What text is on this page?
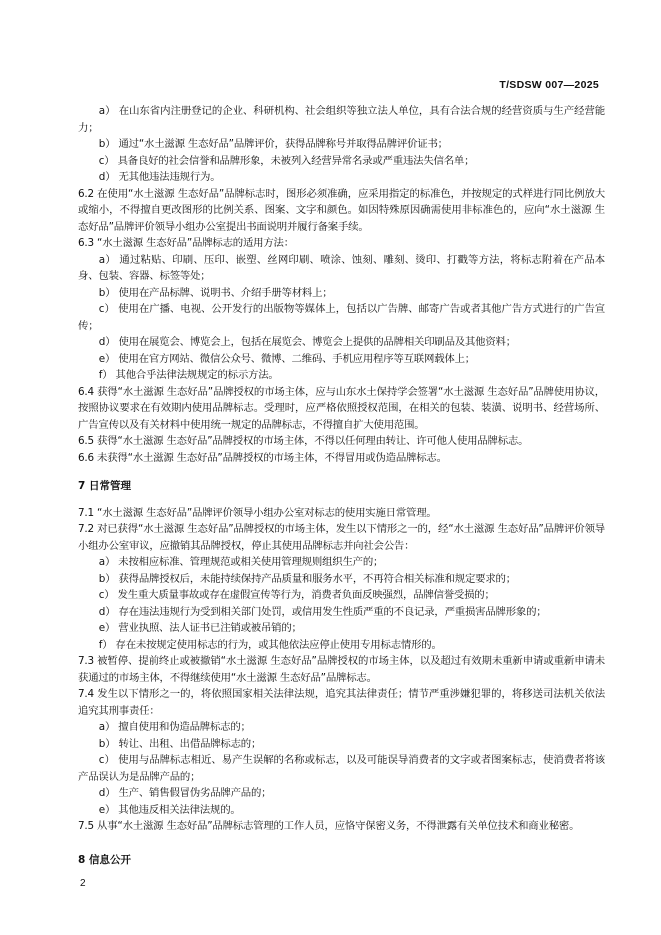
T/SDSW 007—2025

a） 在山东省内注册登记的企业、科研机构、社会组织等独立法人单位，具有合法合规的经营资质与生产经营能力；

b） 通过“水土滋源 生态好品”品牌评价，获得品牌称号并取得品牌评价证书；

c） 具备良好的社会信誉和品牌形象，未被列入经营异常名录或严重违法失信名单；

d） 无其他违法违规行为。

6.2 在使用“水土滋源 生态好品”品牌标志时，图形必须准确，应采用指定的标准色，并按规定的式样进行同比例放大或缩小，不得擅自更改图形的比例关系、图案、文字和颜色。如因特殊原因确需使用非标准色的，应向“水土滋源 生态好品”品牌评价领导小组办公室提出书面说明并履行备案手续。

6.3 “水土滋源 生态好品”品牌标志的适用方法：

a） 通过粘贴、印刷、压印、嵌塑、丝网印刷、喷涂、蚀刻、雕刻、烫印、打戳等方法，将标志附着在产品本身、包装、容器、标签等处；

b） 使用在产品标牌、说明书、介绍手册等材料上；

c） 使用在广播、电视、公开发行的出版物等媒体上，包括以广告牌、邮寄广告或者其他广告方式进行的广告宣传；

d） 使用在展览会、博览会上，包括在展览会、博览会上提供的品牌相关印刷品及其他资料；

e） 使用在官方网站、微信公众号、微博、二维码、手机应用程序等互联网载体上；

f） 其他合乎法律法规规定的标示方法。

6.4 获得“水土滋源 生态好品”品牌授权的市场主体，应与山东水土保持学会签署“水土滋源 生态好品”品牌使用协议，按照协议要求在有效期内使用品牌标志。受理时，应严格依照授权范围，在相关的包装、装潢、说明书、经营场所、广告宣传以及有关材料中使用统一规定的品牌标志，不得擅自扩大使用范围。

6.5 获得“水土滋源 生态好品”品牌授权的市场主体，不得以任何理由转让、许可他人使用品牌标志。

6.6 未获得“水土滋源 生态好品”品牌授权的市场主体，不得冒用或伪造品牌标志。

7 日常管理

7.1 “水土滋源 生态好品”品牌评价领导小组办公室对标志的使用实施日常管理。

7.2 对已获得“水土滋源 生态好品”品牌授权的市场主体，发生以下情形之一的，经“水土滋源 生态好品”品牌评价领导小组办公室审议，应撤销其品牌授权，停止其使用品牌标志并向社会公告：

a） 未按相应标准、管理规范或相关使用管理规则组织生产的；

b） 获得品牌授权后，未能持续保持产品质量和服务水平，不再符合相关标准和规定要求的；

c） 发生重大质量事故或存在虚假宣传等行为，消费者负面反映强烈，品牌信誉受损的；

d） 存在违法违规行为受到相关部门处罚，或信用发生性质严重的不良记录，严重损害品牌形象的；

e） 营业执照、法人证书已注销或被吊销的；

f） 存在未按规定使用标志的行为，或其他依法应停止使用专用标志情形的。

7.3 被暂停、提前终止或被撤销“水土滋源 生态好品”品牌授权的市场主体，以及超过有效期未重新申请或重新申请未获通过的市场主体，不得继续使用“水土滋源 生态好品”品牌标志。

7.4 发生以下情形之一的，将依照国家相关法律法规，追究其法律责任；情节严重涉嫌犯罪的，将移送司法机关依法追究其刑事责任：

a） 擅自使用和伪造品牌标志的；

b） 转让、出租、出借品牌标志的；

c） 使用与品牌标志相近、易产生误解的名称或标志，以及可能误导消费者的文字或者图案标志，使消费者将该产品误认为是品牌产品的；

d） 生产、销售假冒伪劣品牌产品的；

e） 其他违反相关法律法规的。

7.5 从事“水土滋源 生态好品”品牌标志管理的工作人员，应恪守保密义务，不得泄露有关单位技术和商业秘密。

8 信息公开
2
